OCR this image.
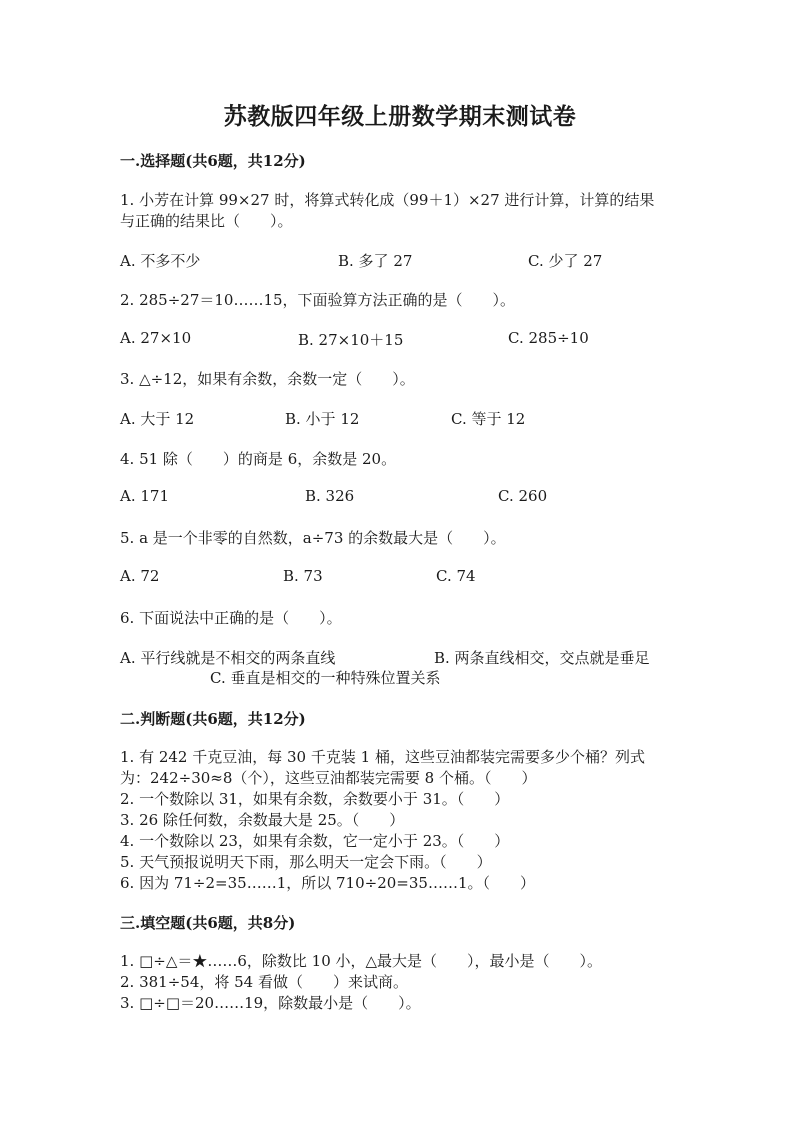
苏教版四年级上册数学期末测试卷
一.选择题(共6题，共12分)
1. 小芳在计算 99×27 时，将算式转化成（99＋1）×27 进行计算，计算的结果
与正确的结果比（　　）。
A. 不多不少	B. 多了 27	C. 少了 27
2. 285÷27＝10……15，下面验算方法正确的是（　　）。
A. 27×10	B. 27×10＋15	C. 285÷10
3. △÷12，如果有余数，余数一定（　　）。
A. 大于 12	B. 小于 12	C. 等于 12
4. 51 除（　　）的商是 6，余数是 20。
A. 171	B. 326	C. 260
5. a 是一个非零的自然数，a÷73 的余数最大是（　　）。
A. 72	B. 73	C. 74
6. 下面说法中正确的是（　　）。
A. 平行线就是不相交的两条直线	B. 两条直线相交，交点就是垂足
C. 垂直是相交的一种特殊位置关系
二.判断题(共6题，共12分)
1. 有 242 千克豆油，每 30 千克装 1 桶，这些豆油都装完需要多少个桶？列式
为：242÷30≈8（个），这些豆油都装完需要 8 个桶。（　　）
2. 一个数除以 31，如果有余数，余数要小于 31。（　　）
3. 26 除任何数，余数最大是 25。（　　）
4. 一个数除以 23，如果有余数，它一定小于 23。（　　）
5. 天气预报说明天下雨，那么明天一定会下雨。（　　）
6. 因为 71÷2=35……1，所以 710÷20=35……1。（　　）
三.填空题(共6题，共8分)
1. □÷△＝★……6，除数比 10 小，△最大是（　　），最小是（　　）。
2. 381÷54，将 54 看做（　　）来试商。
3. □÷□＝20……19，除数最小是（　　）。
